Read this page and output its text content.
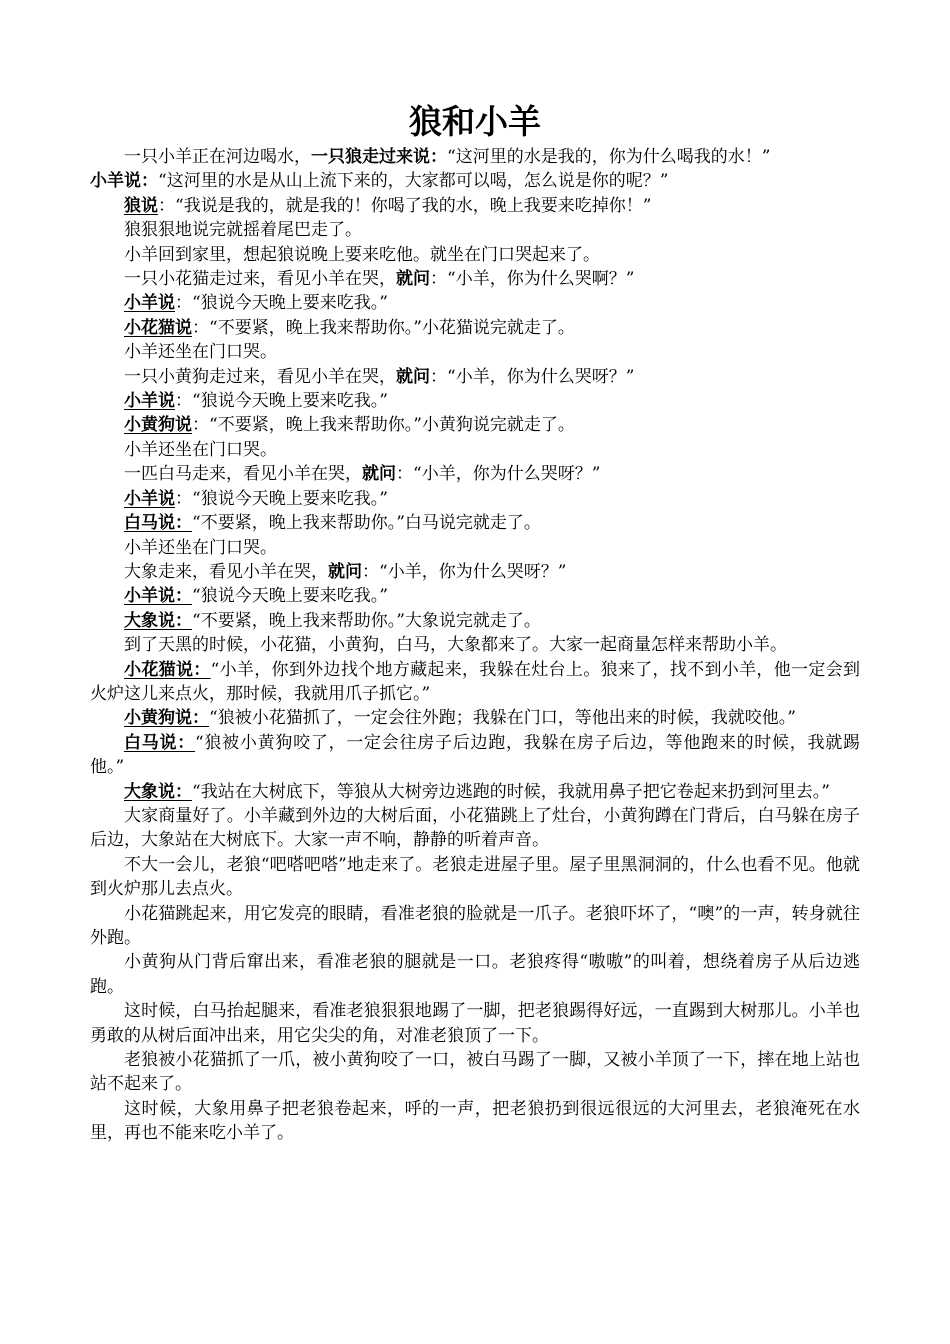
狼和小羊

一只小羊正在河边喝水，一只狼走过来说：“这河里的水是我的，你为什么喝我的水！”

小羊说：“这河里的水是从山上流下来的，大家都可以喝，怎么说是你的呢？”

狼说：“我说是我的，就是我的！你喝了我的水，晚上我要来吃掉你！”

狼狠狠地说完就摇着尾巴走了。

小羊回到家里，想起狼说晚上要来吃他。就坐在门口哭起来了。

一只小花猫走过来，看见小羊在哭，就问：“小羊，你为什么哭啊？”

小羊说：“狼说今天晚上要来吃我。”

小花猫说：“不要紧，晚上我来帮助你。”小花猫说完就走了。

小羊还坐在门口哭。

一只小黄狗走过来，看见小羊在哭，就问：“小羊，你为什么哭呀？”

小羊说：“狼说今天晚上要来吃我。”

小黄狗说：“不要紧，晚上我来帮助你。”小黄狗说完就走了。

小羊还坐在门口哭。

一匹白马走来，看见小羊在哭，就问：“小羊，你为什么哭呀？”

小羊说：“狼说今天晚上要来吃我。”

白马说：“不要紧，晚上我来帮助你。”白马说完就走了。

小羊还坐在门口哭。

大象走来，看见小羊在哭，就问：“小羊，你为什么哭呀？”

小羊说：“狼说今天晚上要来吃我。”

大象说：“不要紧，晚上我来帮助你。”大象说完就走了。

到了天黑的时候，小花猫，小黄狗，白马，大象都来了。大家一起商量怎样来帮助小羊。

小花猫说：“小羊，你到外边找个地方藏起来，我躲在灶台上。狼来了，找不到小羊，他一定会到火炉这儿来点火，那时候，我就用爪子抓它。”

小黄狗说：“狼被小花猫抓了，一定会往外跑；我躲在门口，等他出来的时候，我就咬他。”

白马说：“狼被小黄狗咬了，一定会往房子后边跑，我躲在房子后边，等他跑来的时候，我就踢他。”

大象说：“我站在大树底下，等狼从大树旁边逃跑的时候，我就用鼻子把它卷起来扔到河里去。”

大家商量好了。小羊藏到外边的大树后面，小花猫跳上了灶台，小黄狗蹲在门背后，白马躲在房子后边，大象站在大树底下。大家一声不响，静静的听着声音。

不大一会儿，老狼“吧嗒吧嗒”地走来了。老狼走进屋子里。屋子里黑洞洞的，什么也看不见。他就到火炉那儿去点火。

小花猫跳起来，用它发亮的眼睛，看准老狼的脸就是一爪子。老狼吓坏了，“噢”的一声，转身就往外跑。

小黄狗从门背后窜出来，看准老狼的腿就是一口。老狼疼得“嗷嗷”的叫着，想绕着房子从后边逃跑。

这时候，白马抬起腿来，看准老狼狠狠地踢了一脚，把老狼踢得好远，一直踢到大树那儿。小羊也勇敢的从树后面冲出来，用它尖尖的角，对准老狼顶了一下。

老狼被小花猫抓了一爪，被小黄狗咬了一口，被白马踢了一脚，又被小羊顶了一下，摔在地上站也站不起来了。

这时候，大象用鼻子把老狼卷起来，呼的一声，把老狼扔到很远很远的大河里去，老狼淹死在水里，再也不能来吃小羊了。
